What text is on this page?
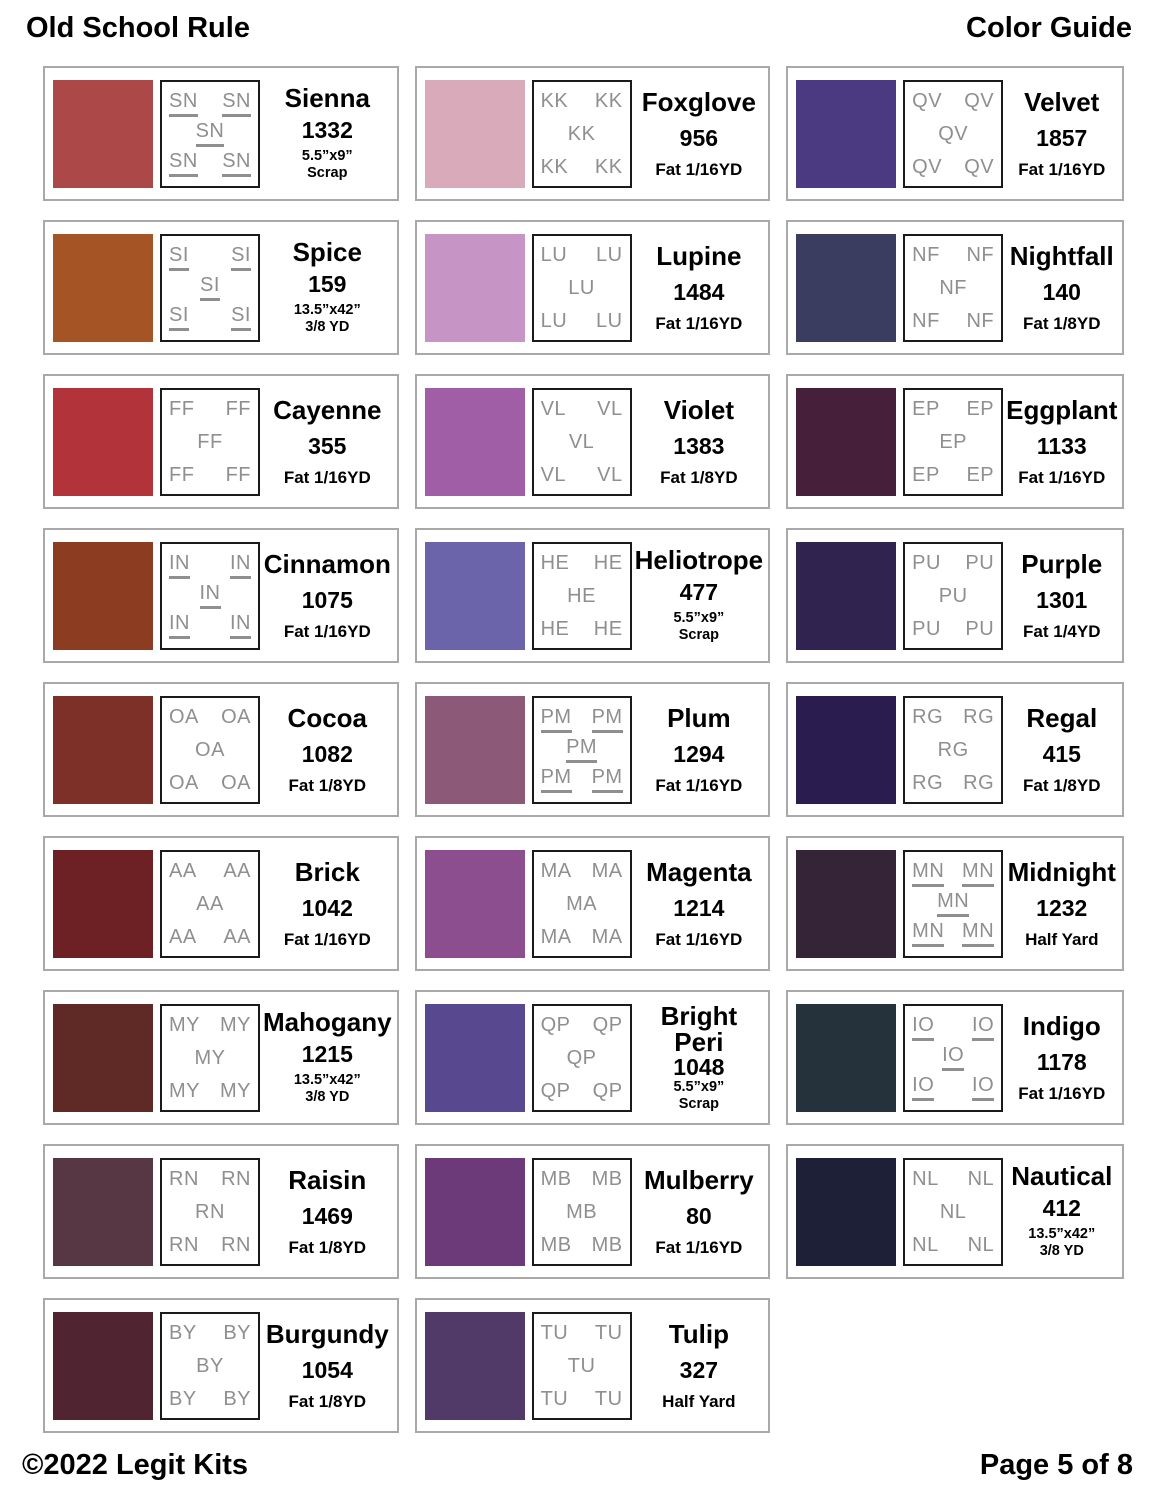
Old School Rule	Color Guide
SN SN
SN
SN SN
Sienna
1332
5.5”x9”
Scrap
KK KK
KK
KK KK
Foxglove
956
Fat 1/16YD
QV QV
QV
QV QV
Velvet
1857
Fat 1/16YD
SI SI
SI
SI SI
Spice
159
13.5”x42”
3/8 YD
LU LU
LU
LU LU
Lupine
1484
Fat 1/16YD
NF NF
NF
NF NF
Nightfall
140
Fat 1/8YD
FF FF
FF
FF FF
Cayenne
355
Fat 1/16YD
VL VL
VL
VL VL
Violet
1383
Fat 1/8YD
EP EP
EP
EP EP
Eggplant
1133
Fat 1/16YD
IN IN
IN
IN IN
Cinnamon
1075
Fat 1/16YD
HE HE
HE
HE HE
Heliotrope
477
5.5”x9”
Scrap
PU PU
PU
PU PU
Purple
1301
Fat 1/4YD
OA OA
OA
OA OA
Cocoa
1082
Fat 1/8YD
PM PM
PM
PM PM
Plum
1294
Fat 1/16YD
RG RG
RG
RG RG
Regal
415
Fat 1/8YD
AA AA
AA
AA AA
Brick
1042
Fat 1/16YD
MA MA
MA
MA MA
Magenta
1214
Fat 1/16YD
MN MN
MN
MN MN
Midnight
1232
Half Yard
MY MY
MY
MY MY
Mahogany
1215
13.5”x42”
3/8 YD
QP QP
QP
QP QP
Bright Peri
1048
5.5”x9”
Scrap
IO IO
IO
IO IO
Indigo
1178
Fat 1/16YD
RN RN
RN
RN RN
Raisin
1469
Fat 1/8YD
MB MB
MB
MB MB
Mulberry
80
Fat 1/16YD
NL NL
NL
NL NL
Nautical
412
13.5”x42”
3/8 YD
BY BY
BY
BY BY
Burgundy
1054
Fat 1/8YD
TU TU
TU
TU TU
Tulip
327
Half Yard
©2022 Legit Kits	Page 5 of 8
